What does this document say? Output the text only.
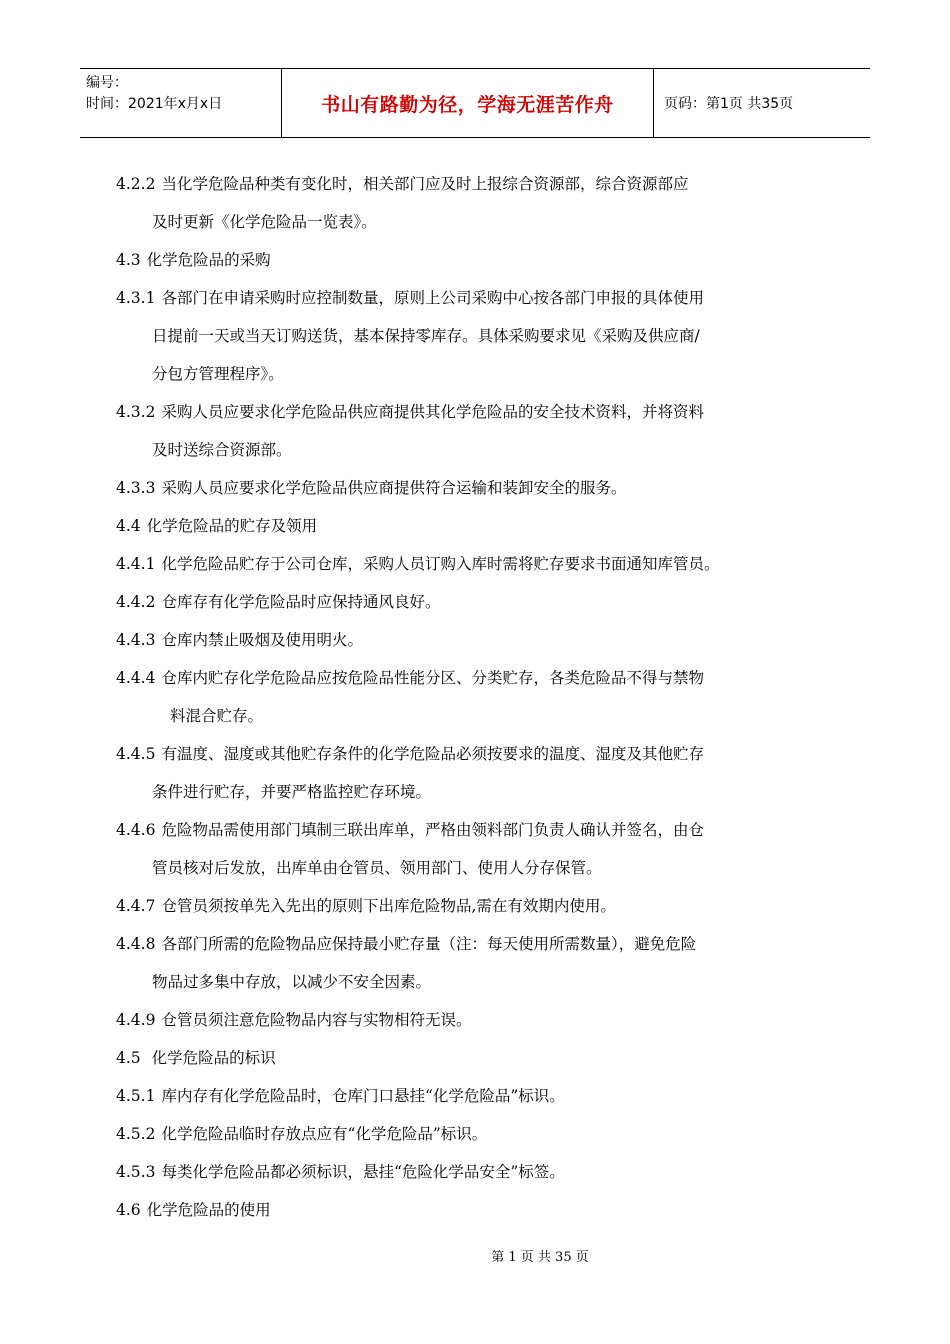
编号：
时间：2021年x月x日	书山有路勤为径，学海无涯苦作舟	页码：第1页 共35页
4.2.2 当化学危险品种类有变化时，相关部门应及时上报综合资源部，综合资源部应
及时更新《化学危险品一览表》。
4.3 化学危险品的采购
4.3.1 各部门在申请采购时应控制数量，原则上公司采购中心按各部门申报的具体使用
日提前一天或当天订购送货，基本保持零库存。具体采购要求见《采购及供应商/
分包方管理程序》。
4.3.2 采购人员应要求化学危险品供应商提供其化学危险品的安全技术资料，并将资料
及时送综合资源部。
4.3.3 采购人员应要求化学危险品供应商提供符合运输和装卸安全的服务。
4.4 化学危险品的贮存及领用
4.4.1 化学危险品贮存于公司仓库，采购人员订购入库时需将贮存要求书面通知库管员。
4.4.2 仓库存有化学危险品时应保持通风良好。
4.4.3 仓库内禁止吸烟及使用明火。
4.4.4 仓库内贮存化学危险品应按危险品性能分区、分类贮存，各类危险品不得与禁物
料混合贮存。
4.4.5 有温度、湿度或其他贮存条件的化学危险品必须按要求的温度、湿度及其他贮存
条件进行贮存，并要严格监控贮存环境。
4.4.6 危险物品需使用部门填制三联出库单，严格由领料部门负责人确认并签名，由仓
管员核对后发放，出库单由仓管员、领用部门、使用人分存保管。
4.4.7 仓管员须按单先入先出的原则下出库危险物品,需在有效期内使用。
4.4.8 各部门所需的危险物品应保持最小贮存量（注：每天使用所需数量），避免危险
物品过多集中存放，以减少不安全因素。
4.4.9 仓管员须注意危险物品内容与实物相符无误。
4.5 化学危险品的标识
4.5.1 库内存有化学危险品时，仓库门口悬挂“化学危险品”标识。
4.5.2 化学危险品临时存放点应有“化学危险品”标识。
4.5.3 每类化学危险品都必须标识，悬挂“危险化学品安全”标签。
4.6 化学危险品的使用
第 1 页 共 35 页
